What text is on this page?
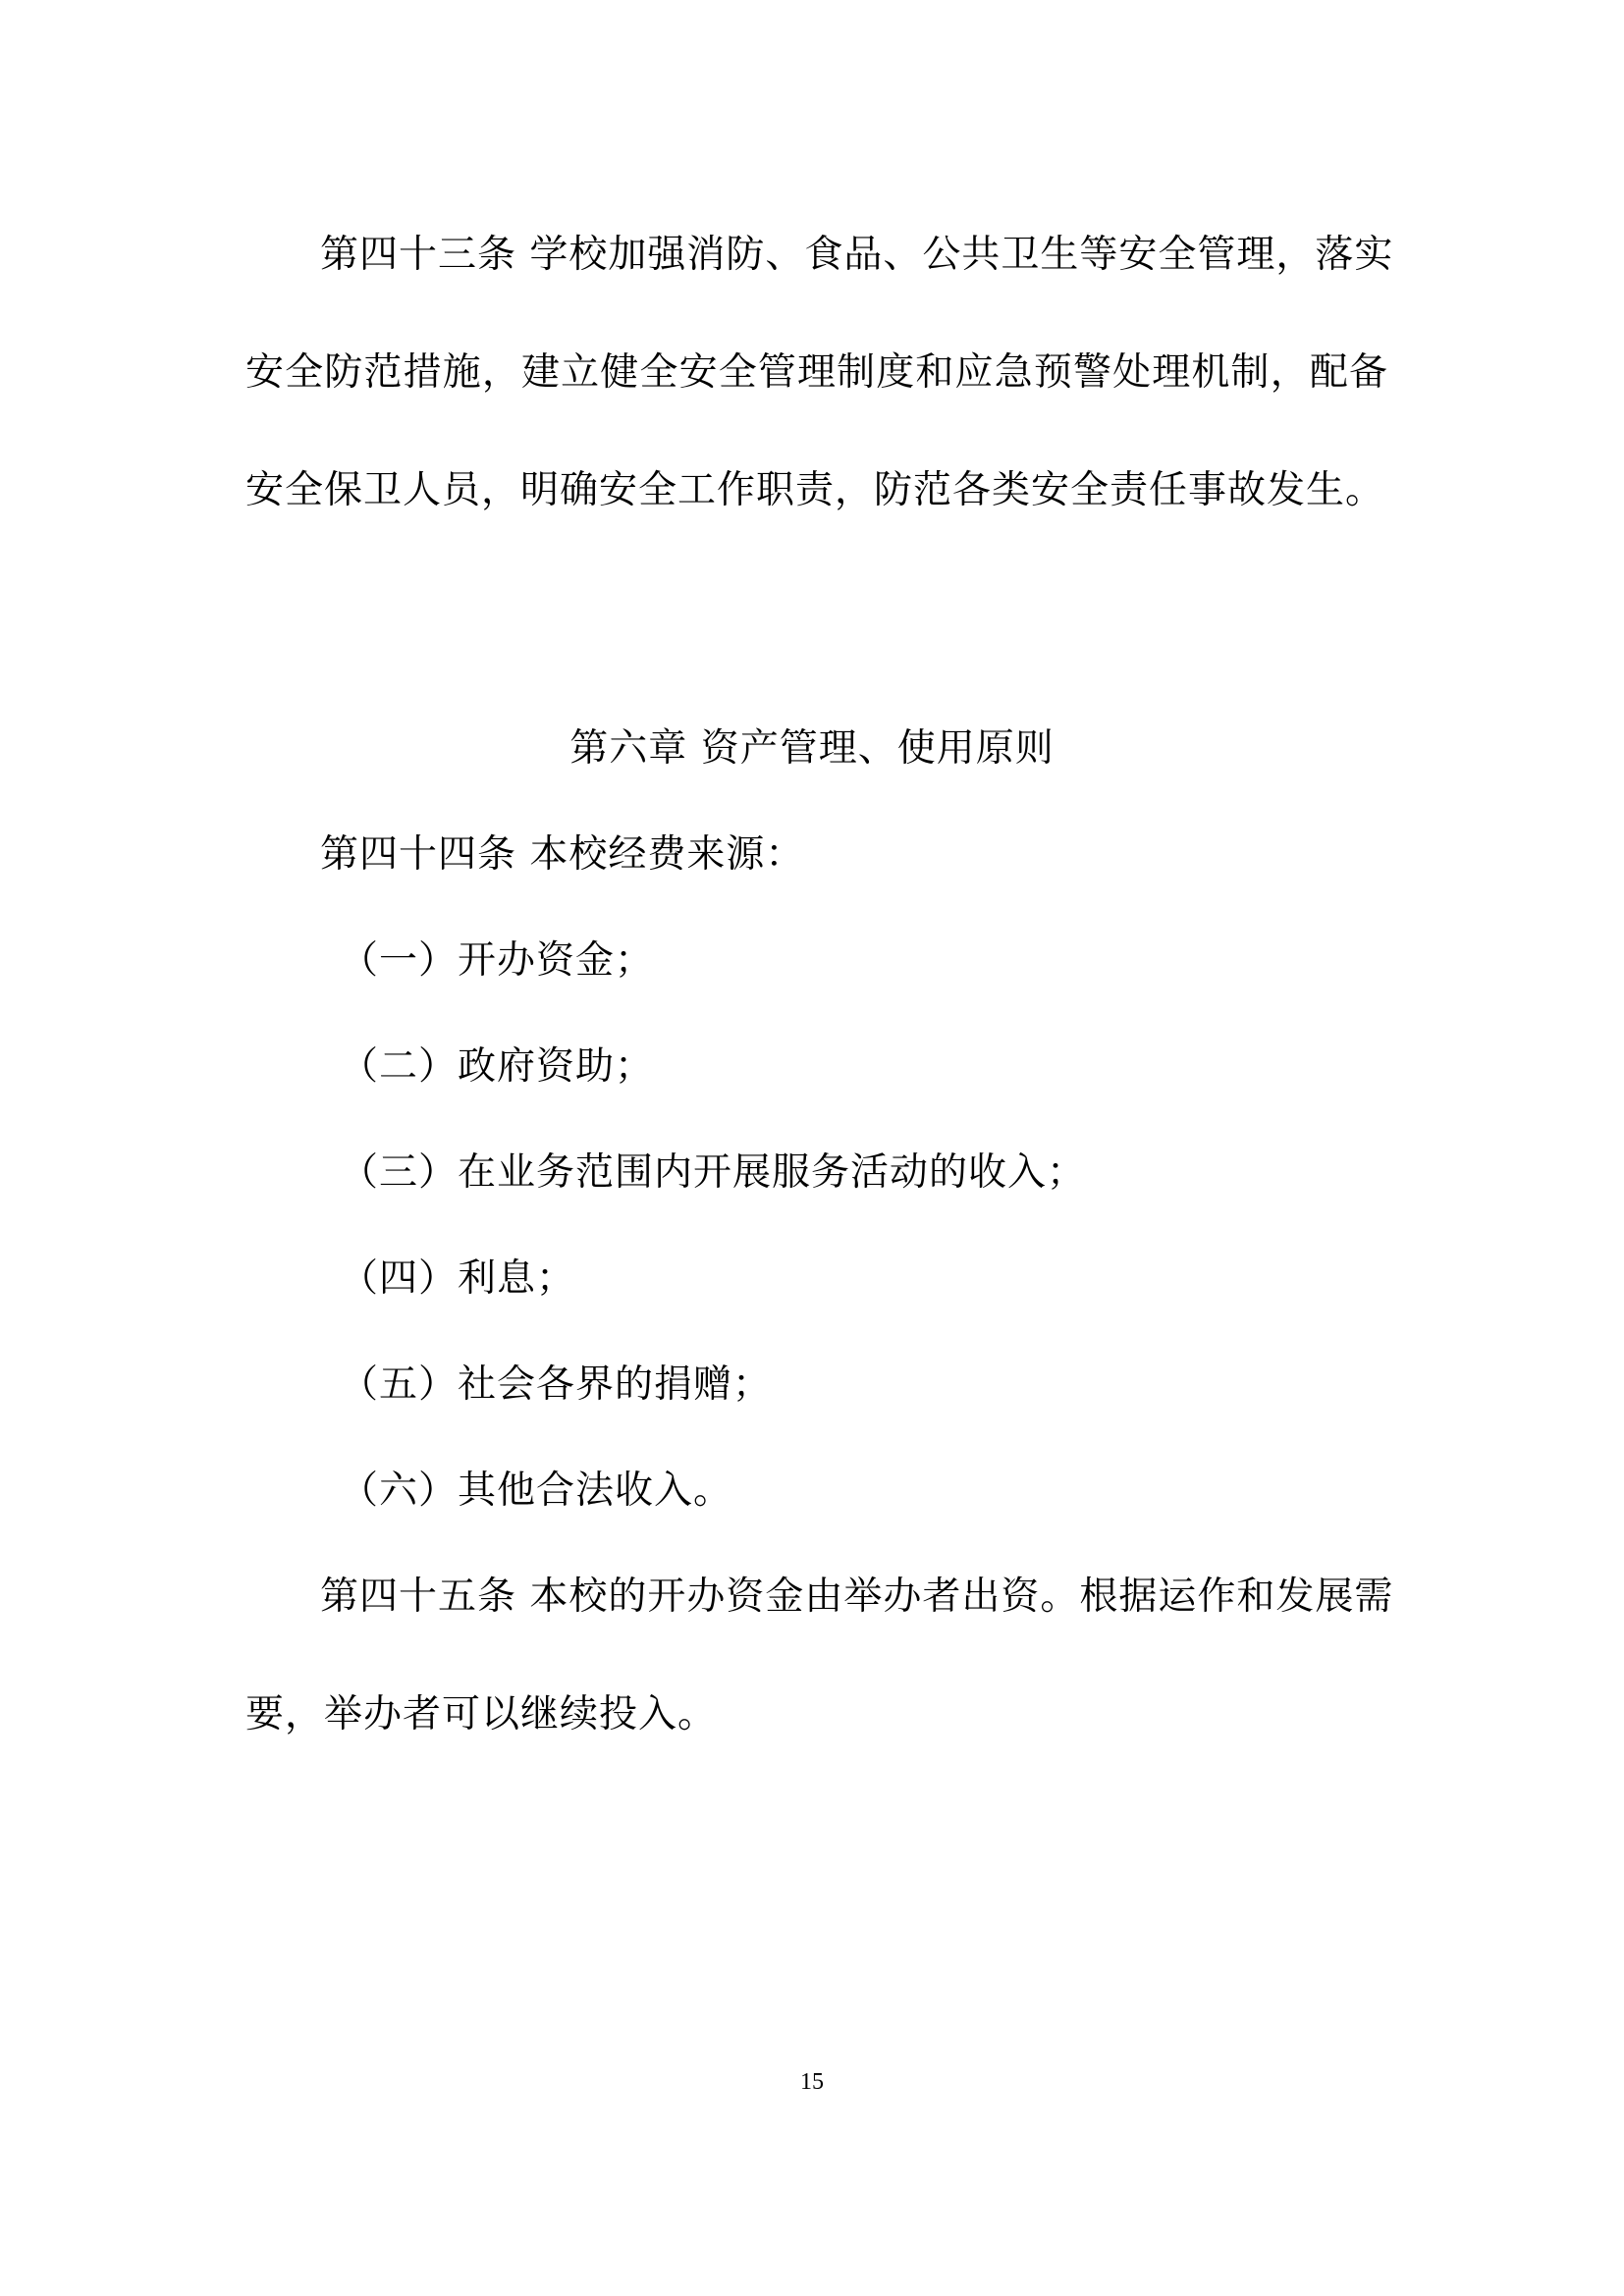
第四十三条 学校加强消防、食品、公共卫生等安全管理，落实
安全防范措施，建立健全安全管理制度和应急预警处理机制，配备
安全保卫人员，明确安全工作职责，防范各类安全责任事故发生。
第六章 资产管理、使用原则
第四十四条 本校经费来源：
（一）开办资金；
（二）政府资助；
（三）在业务范围内开展服务活动的收入；
（四）利息；
（五）社会各界的捐赠；
（六）其他合法收入。
第四十五条 本校的开办资金由举办者出资。根据运作和发展需
要，举办者可以继续投入。
15
